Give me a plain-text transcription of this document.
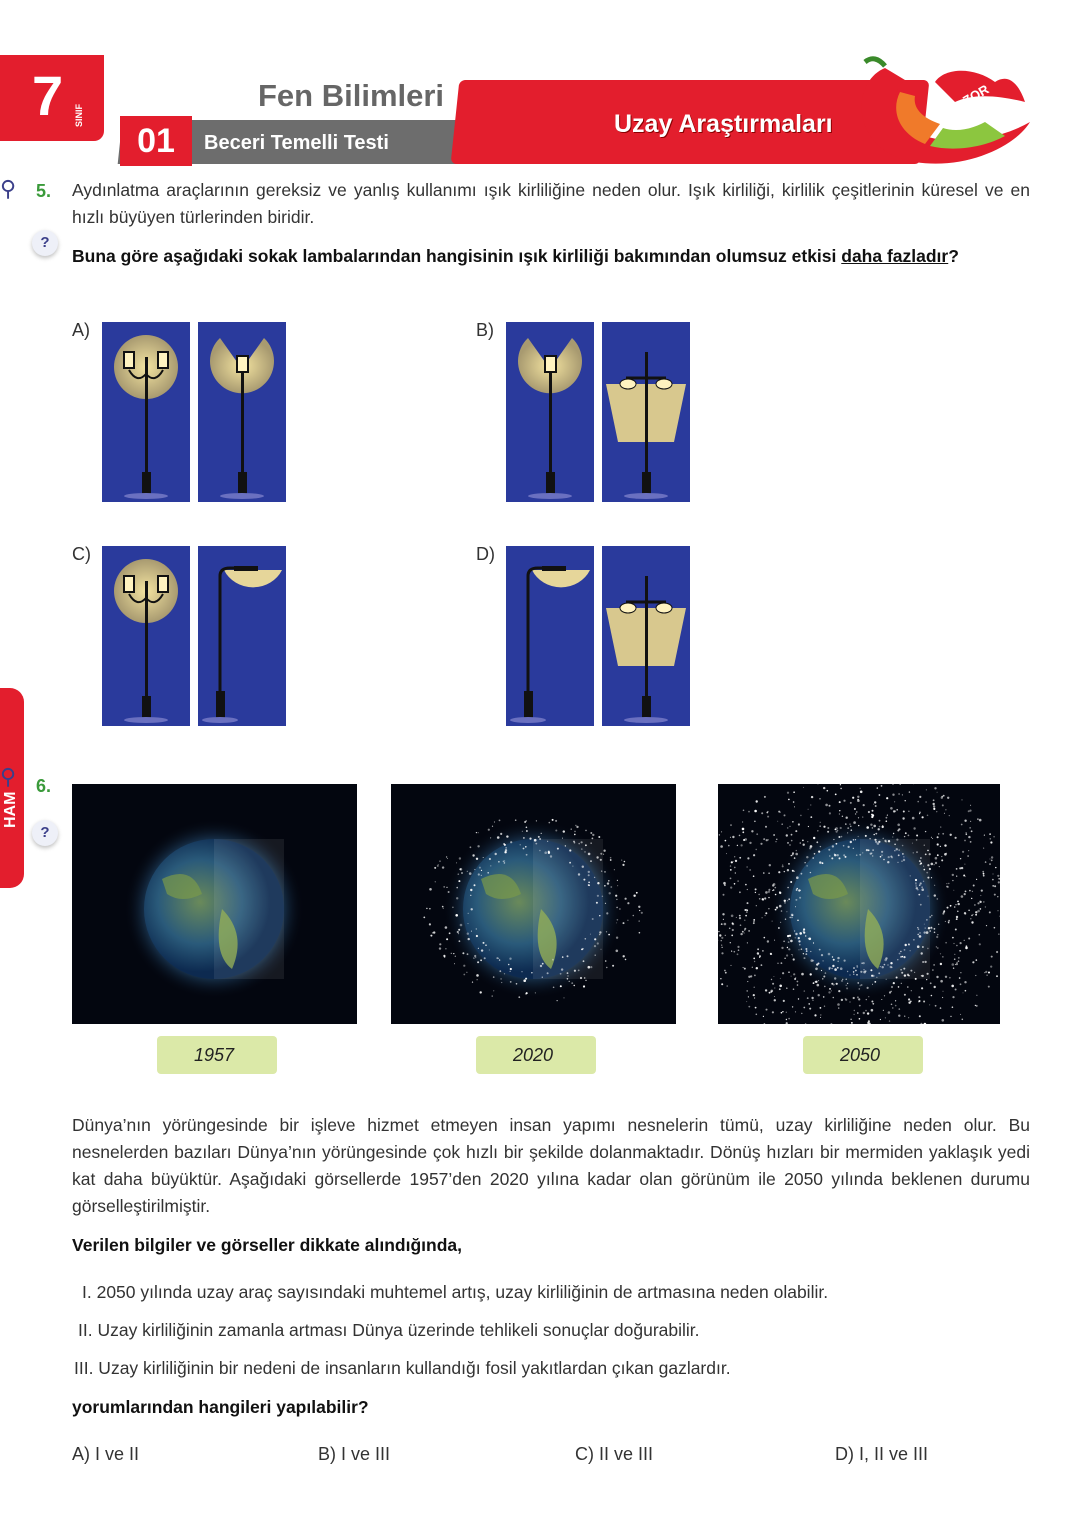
7 SINIF
Fen Bilimleri
01	Beceri Temelli Testi
Uzay Araştırmaları
ZOR
HAM
⚲	5. Aydınlatma araçlarının gereksiz ve yanlış kullanımı ışık kirliliğine neden olur. Işık kirliliği, kirlilik çeşitlerinin küresel ve en hızlı büyüyen türlerinden biridir.
?
Buna göre aşağıdaki sokak lambalarından hangisinin ışık kirliliği bakımından olumsuz etkisi daha fazladır?
A)	B)
C)	D)
⚲ 6.
?
1957	2020	2050
Dünya’nın yörüngesinde bir işleve hizmet etmeyen insan yapımı nesnelerin tümü, uzay kirliliğine neden olur. Bu nesnelerden bazıları Dünya’nın yörüngesinde çok hızlı bir şekilde dolanmaktadır. Dönüş hızları bir mermiden yaklaşık yedi kat daha büyüktür. Aşağıdaki görsellerde 1957’den 2020 yılına kadar olan görünüm ile 2050 yılında beklenen durumu görselleştirilmiştir.
Verilen bilgiler ve görseller dikkate alındığında,
I. 2050 yılında uzay araç sayısındaki muhtemel artış, uzay kirliliğinin de artmasına neden olabilir.
II. Uzay kirliliğinin zamanla artması Dünya üzerinde tehlikeli sonuçlar doğurabilir.
III. Uzay kirliliğinin bir nedeni de insanların kullandığı fosil yakıtlardan çıkan gazlardır.
yorumlarından hangileri yapılabilir?
A) I ve II	B) I ve III	C) II ve III	D) I, II ve III
